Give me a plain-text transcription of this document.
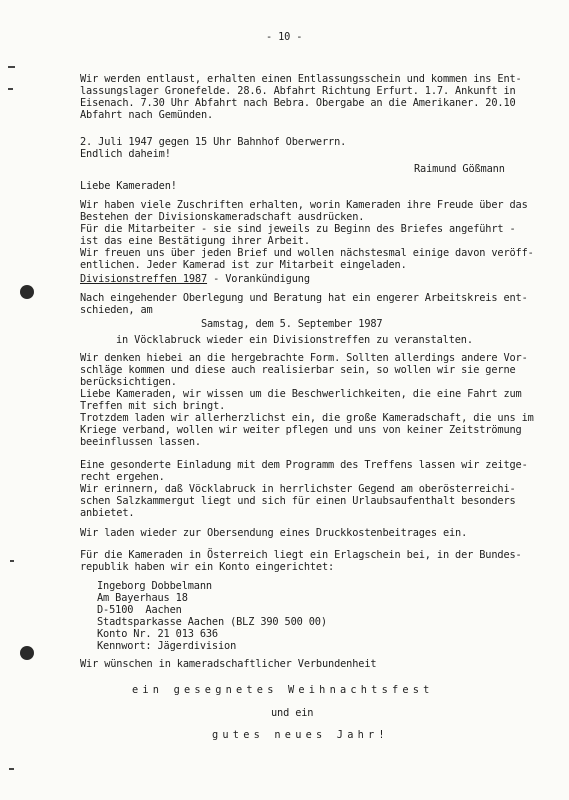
- 10 -
Wir werden entlaust, erhalten einen Entlassungsschein und kommen ins Ent-
lassungslager Gronefelde. 28.6. Abfahrt Richtung Erfurt. 1.7. Ankunft in
Eisenach. 7.30 Uhr Abfahrt nach Bebra. Obergabe an die Amerikaner. 20.10
Abfahrt nach Gemünden.
2. Juli 1947 gegen 15 Uhr Bahnhof Oberwerrn.
Endlich daheim!
Raimund Gößmann
Liebe Kameraden!
Wir haben viele Zuschriften erhalten, worin Kameraden ihre Freude über das
Bestehen der Divisionskameradschaft ausdrücken.
Für die Mitarbeiter - sie sind jeweils zu Beginn des Briefes angeführt -
ist das eine Bestätigung ihrer Arbeit.
Wir freuen uns über jeden Brief und wollen nächstesmal einige davon veröff-
entlichen. Jeder Kamerad ist zur Mitarbeit eingeladen.
Divisionstreffen 1987 - Vorankündigung
Nach eingehender Oberlegung und Beratung hat ein engerer Arbeitskreis ent-
schieden, am
Samstag, dem 5. September 1987
in Vöcklabruck wieder ein Divisionstreffen zu veranstalten.
Wir denken hiebei an die hergebrachte Form. Sollten allerdings andere Vor-
schläge kommen und diese auch realisierbar sein, so wollen wir sie gerne
berücksichtigen.
Liebe Kameraden, wir wissen um die Beschwerlichkeiten, die eine Fahrt zum
Treffen mit sich bringt.
Trotzdem laden wir allerherzlichst ein, die große Kameradschaft, die uns im
Kriege verband, wollen wir weiter pflegen und uns von keiner Zeitströmung
beeinflussen lassen.
Eine gesonderte Einladung mit dem Programm des Treffens lassen wir zeitge-
recht ergehen.
Wir erinnern, daß Vöcklabruck in herrlichster Gegend am oberösterreichi-
schen Salzkammergut liegt und sich für einen Urlaubsaufenthalt besonders
anbietet.
Wir laden wieder zur Obersendung eines Druckkostenbeitrages ein.
Für die Kameraden in Österreich liegt ein Erlagschein bei, in der Bundes-
republik haben wir ein Konto eingerichtet:
Ingeborg Dobbelmann
Am Bayerhaus 18
D-5100  Aachen
Stadtsparkasse Aachen (BLZ 390 500 00)
Konto Nr. 21 013 636
Kennwort: Jägerdivision
Wir wünschen in kameradschaftlicher Verbundenheit
ein gesegnetes Weihnachtsfest
und ein
gutes neues Jahr!
